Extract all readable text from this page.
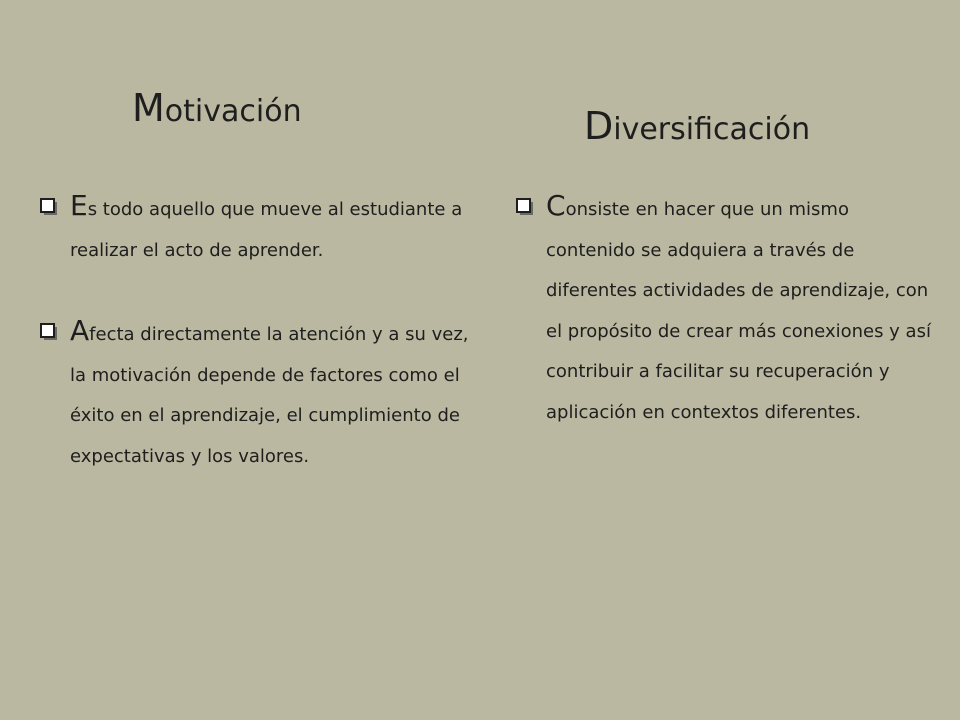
Motivación
Es todo aquello que mueve al estudiante a realizar el acto de aprender.
Afecta directamente la atención y a su vez, la motivación depende de factores como el éxito en el aprendizaje, el cumplimiento de expectativas y los valores.
Diversificación
Consiste en hacer que un mismo contenido se adquiera a través de diferentes actividades de aprendizaje, con el propósito de crear más conexiones y así contribuir a facilitar su recuperación y aplicación en contextos diferentes.
